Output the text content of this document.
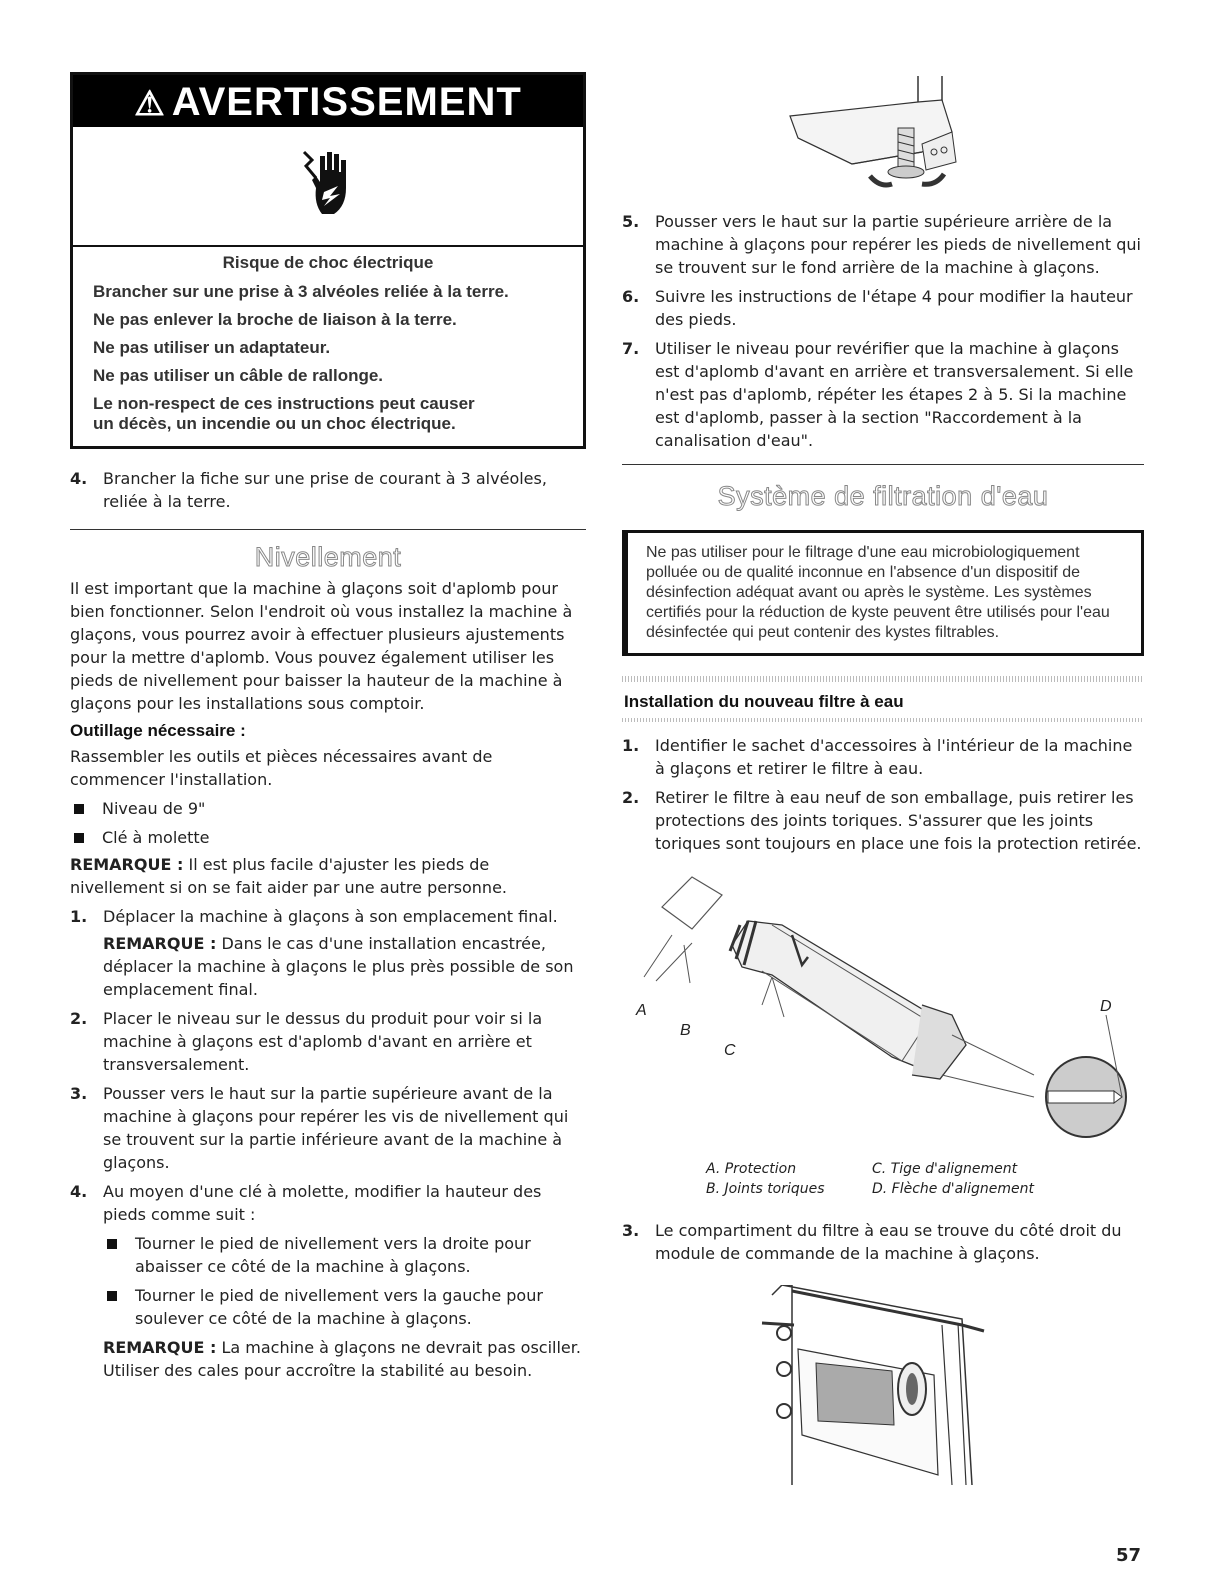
⚠ AVERTISSEMENT

Risque de choc électrique

Brancher sur une prise à 3 alvéoles reliée à la terre.

Ne pas enlever la broche de liaison à la terre.

Ne pas utiliser un adaptateur.

Ne pas utiliser un câble de rallonge.

Le non-respect de ces instructions peut causer
un décès, un incendie ou un choc électrique.

4. Brancher la fiche sur une prise de courant à 3 alvéoles, reliée à la terre.
Nivellement

Il est important que la machine à glaçons soit d'aplomb pour bien fonctionner. Selon l'endroit où vous installez la machine à glaçons, vous pourrez avoir à effectuer plusieurs ajustements pour la mettre d'aplomb. Vous pouvez également utiliser les pieds de nivellement pour baisser la hauteur de la machine à glaçons pour les installations sous comptoir.

Outillage nécessaire :

Rassembler les outils et pièces nécessaires avant de commencer l'installation.

Niveau de 9"
Clé à molette

REMARQUE : Il est plus facile d'ajuster les pieds de nivellement si on se fait aider par une autre personne.

1. Déplacer la machine à glaçons à son emplacement final.

REMARQUE : Dans le cas d'une installation encastrée, déplacer la machine à glaçons le plus près possible de son emplacement final.

2. Placer le niveau sur le dessus du produit pour voir si la machine à glaçons est d'aplomb d'avant en arrière et transversalement.
3. Pousser vers le haut sur la partie supérieure avant de la machine à glaçons pour repérer les vis de nivellement qui se trouvent sur la partie inférieure avant de la machine à glaçons.
4. Au moyen d'une clé à molette, modifier la hauteur des pieds comme suit :
Tourner le pied de nivellement vers la droite pour abaisser ce côté de la machine à glaçons.
Tourner le pied de nivellement vers la gauche pour soulever ce côté de la machine à glaçons.

REMARQUE : La machine à glaçons ne devrait pas osciller. Utiliser des cales pour accroître la stabilité au besoin.

5. Pousser vers le haut sur la partie supérieure arrière de la machine à glaçons pour repérer les pieds de nivellement qui se trouvent sur le fond arrière de la machine à glaçons.
6. Suivre les instructions de l'étape 4 pour modifier la hauteur des pieds.
7. Utiliser le niveau pour revérifier que la machine à glaçons est d'aplomb d'avant en arrière et transversalement. Si elle n'est pas d'aplomb, répéter les étapes 2 à 5. Si la machine est d'aplomb, passer à la section "Raccordement à la canalisation d'eau".
Système de filtration d'eau
Ne pas utiliser pour le filtrage d'une eau microbiologiquement polluée ou de qualité inconnue en l'absence d'un dispositif de désinfection adéquat avant ou après le système. Les systèmes certifiés pour la réduction de kyste peuvent être utilisés pour l'eau désinfectée qui peut contenir des kystes filtrables.

Installation du nouveau filtre à eau

1. Identifier le sachet d'accessoires à l'intérieur de la machine à glaçons et retirer le filtre à eau.
2. Retirer le filtre à eau neuf de son emballage, puis retirer les protections des joints toriques. S'assurer que les joints toriques sont toujours en place une fois la protection retirée.
A
B
C
D
A. Protection
B. Joints toriques
C. Tige d'alignement
D. Flèche d'alignement
3. Le compartiment du filtre à eau se trouve du côté droit du module de commande de la machine à glaçons.
57
